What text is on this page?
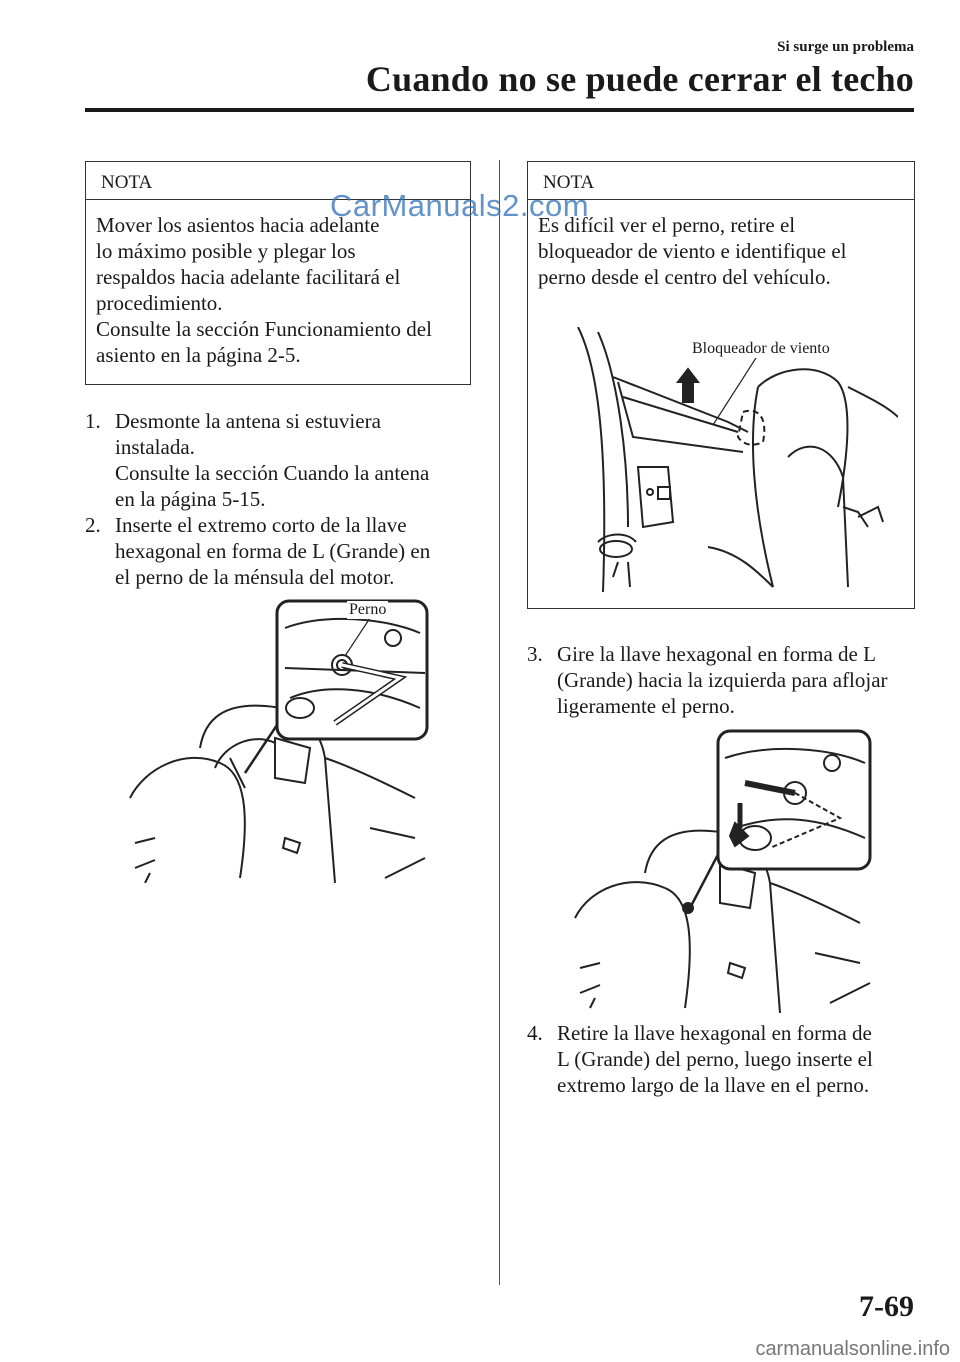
Si surge un problema
Cuando no se puede cerrar el techo
NOTA

Mover los asientos hacia adelante

lo máximo posible y plegar los

respaldos hacia adelante facilitará el

procedimiento.

Consulte la sección Funcionamiento del

asiento en la página 2-5.

1. Desmonte la antena si estuviera

instalada.

Consulte la sección Cuando la antena

en la página 5-15.

2. Inserte el extremo corto de la llave

hexagonal en forma de L (Grande) en

el perno de la ménsula del motor.

Perno
NOTA

Es difícil ver el perno, retire el

bloqueador de viento e identifique el

perno desde el centro del vehículo.

Bloqueador de viento
3. Gire la llave hexagonal en forma de L

(Grande) hacia la izquierda para aflojar

ligeramente el perno.

4. Retire la llave hexagonal en forma de

L (Grande) del perno, luego inserte el

extremo largo de la llave en el perno.

CarManuals2.com
7-69
carmanualsonline.info
